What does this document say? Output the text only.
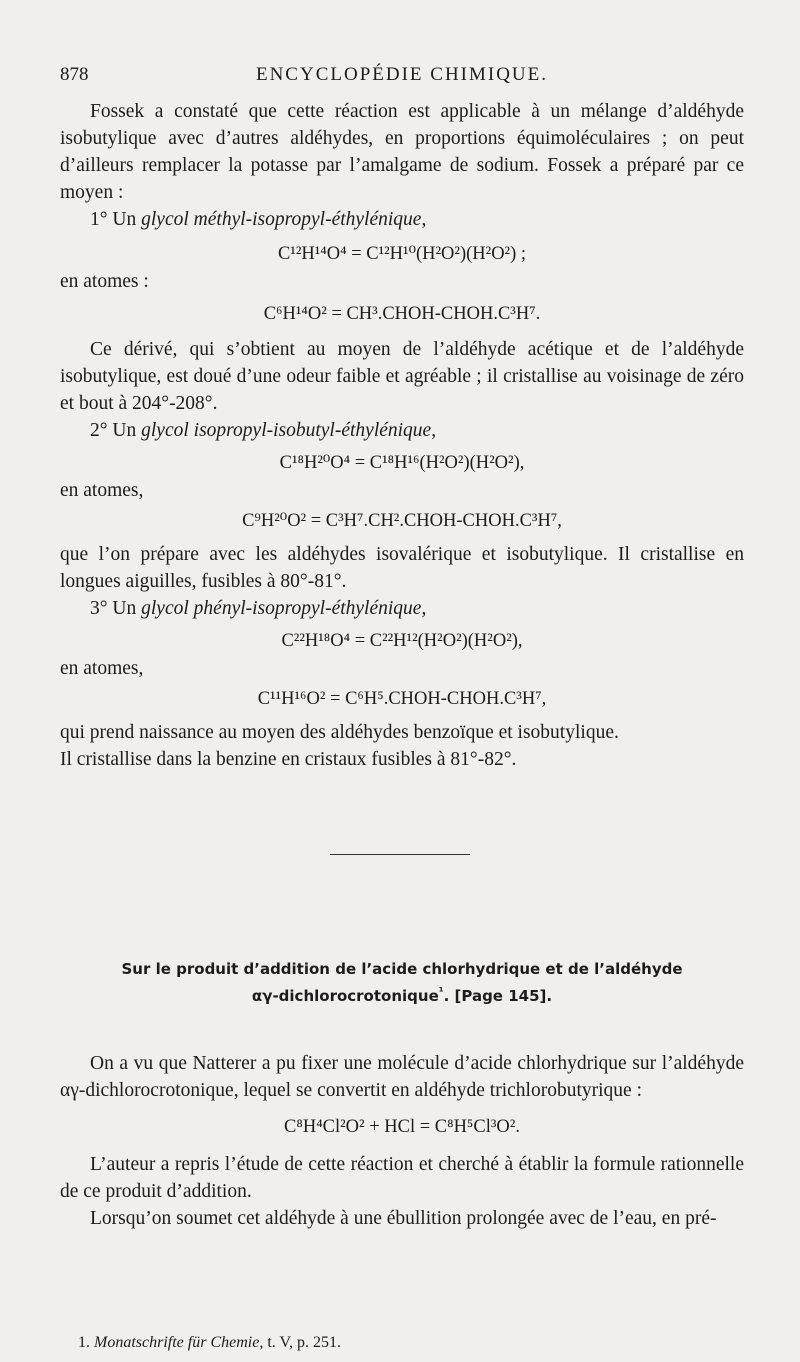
878	ENCYCLOPÉDIE CHIMIQUE.

Fossek a constaté que cette réaction est applicable à un mélange d’aldéhyde isobutylique avec d’autres aldéhydes, en proportions équimoléculaires ; on peut d’ailleurs remplacer la potasse par l’amalgame de sodium. Fossek a préparé par ce moyen :

1° Un glycol méthyl-isopropyl-éthylénique,

C¹²H¹⁴O⁴ = C¹²H¹⁰(H²O²)(H²O²) ;

en atomes :

C⁶H¹⁴O² = CH³.CHOH-CHOH.C³H⁷.

Ce dérivé, qui s’obtient au moyen de l’aldéhyde acétique et de l’aldéhyde isobutylique, est doué d’une odeur faible et agréable ; il cristallise au voisinage de zéro et bout à 204°-208°.

2° Un glycol isopropyl-isobutyl-éthylénique,

C¹⁸H²⁰O⁴ = C¹⁸H¹⁶(H²O²)(H²O²),

en atomes,

C⁹H²⁰O² = C³H⁷.CH².CHOH-CHOH.C³H⁷,

que l’on prépare avec les aldéhydes isovalérique et isobutylique. Il cristallise en longues aiguilles, fusibles à 80°-81°.

3° Un glycol phényl-isopropyl-éthylénique,

C²²H¹⁸O⁴ = C²²H¹²(H²O²)(H²O²),

en atomes,

C¹¹H¹⁶O² = C⁶H⁵.CHOH-CHOH.C³H⁷,

qui prend naissance au moyen des aldéhydes benzoïque et isobutylique.

Il cristallise dans la benzine en cristaux fusibles à 81°-82°.

Sur le produit d’addition de l’acide chlorhydrique et de l’aldéhyde
αγ-dichlorocrotonique$^{^1}$. [Page 145].

On a vu que Natterer a pu fixer une molécule d’acide chlorhydrique sur l’aldéhyde αγ-dichlorocrotonique, lequel se convertit en aldéhyde trichlorobutyrique :

C⁸H⁴Cl²O² + HCl = C⁸H⁵Cl³O².

L’auteur a repris l’étude de cette réaction et cherché à établir la formule rationnelle de ce produit d’addition.

Lorsqu’on soumet cet aldéhyde à une ébullition prolongée avec de l’eau, en pré-

1. Monatschrifte für Chemie, t. V, p. 251.
